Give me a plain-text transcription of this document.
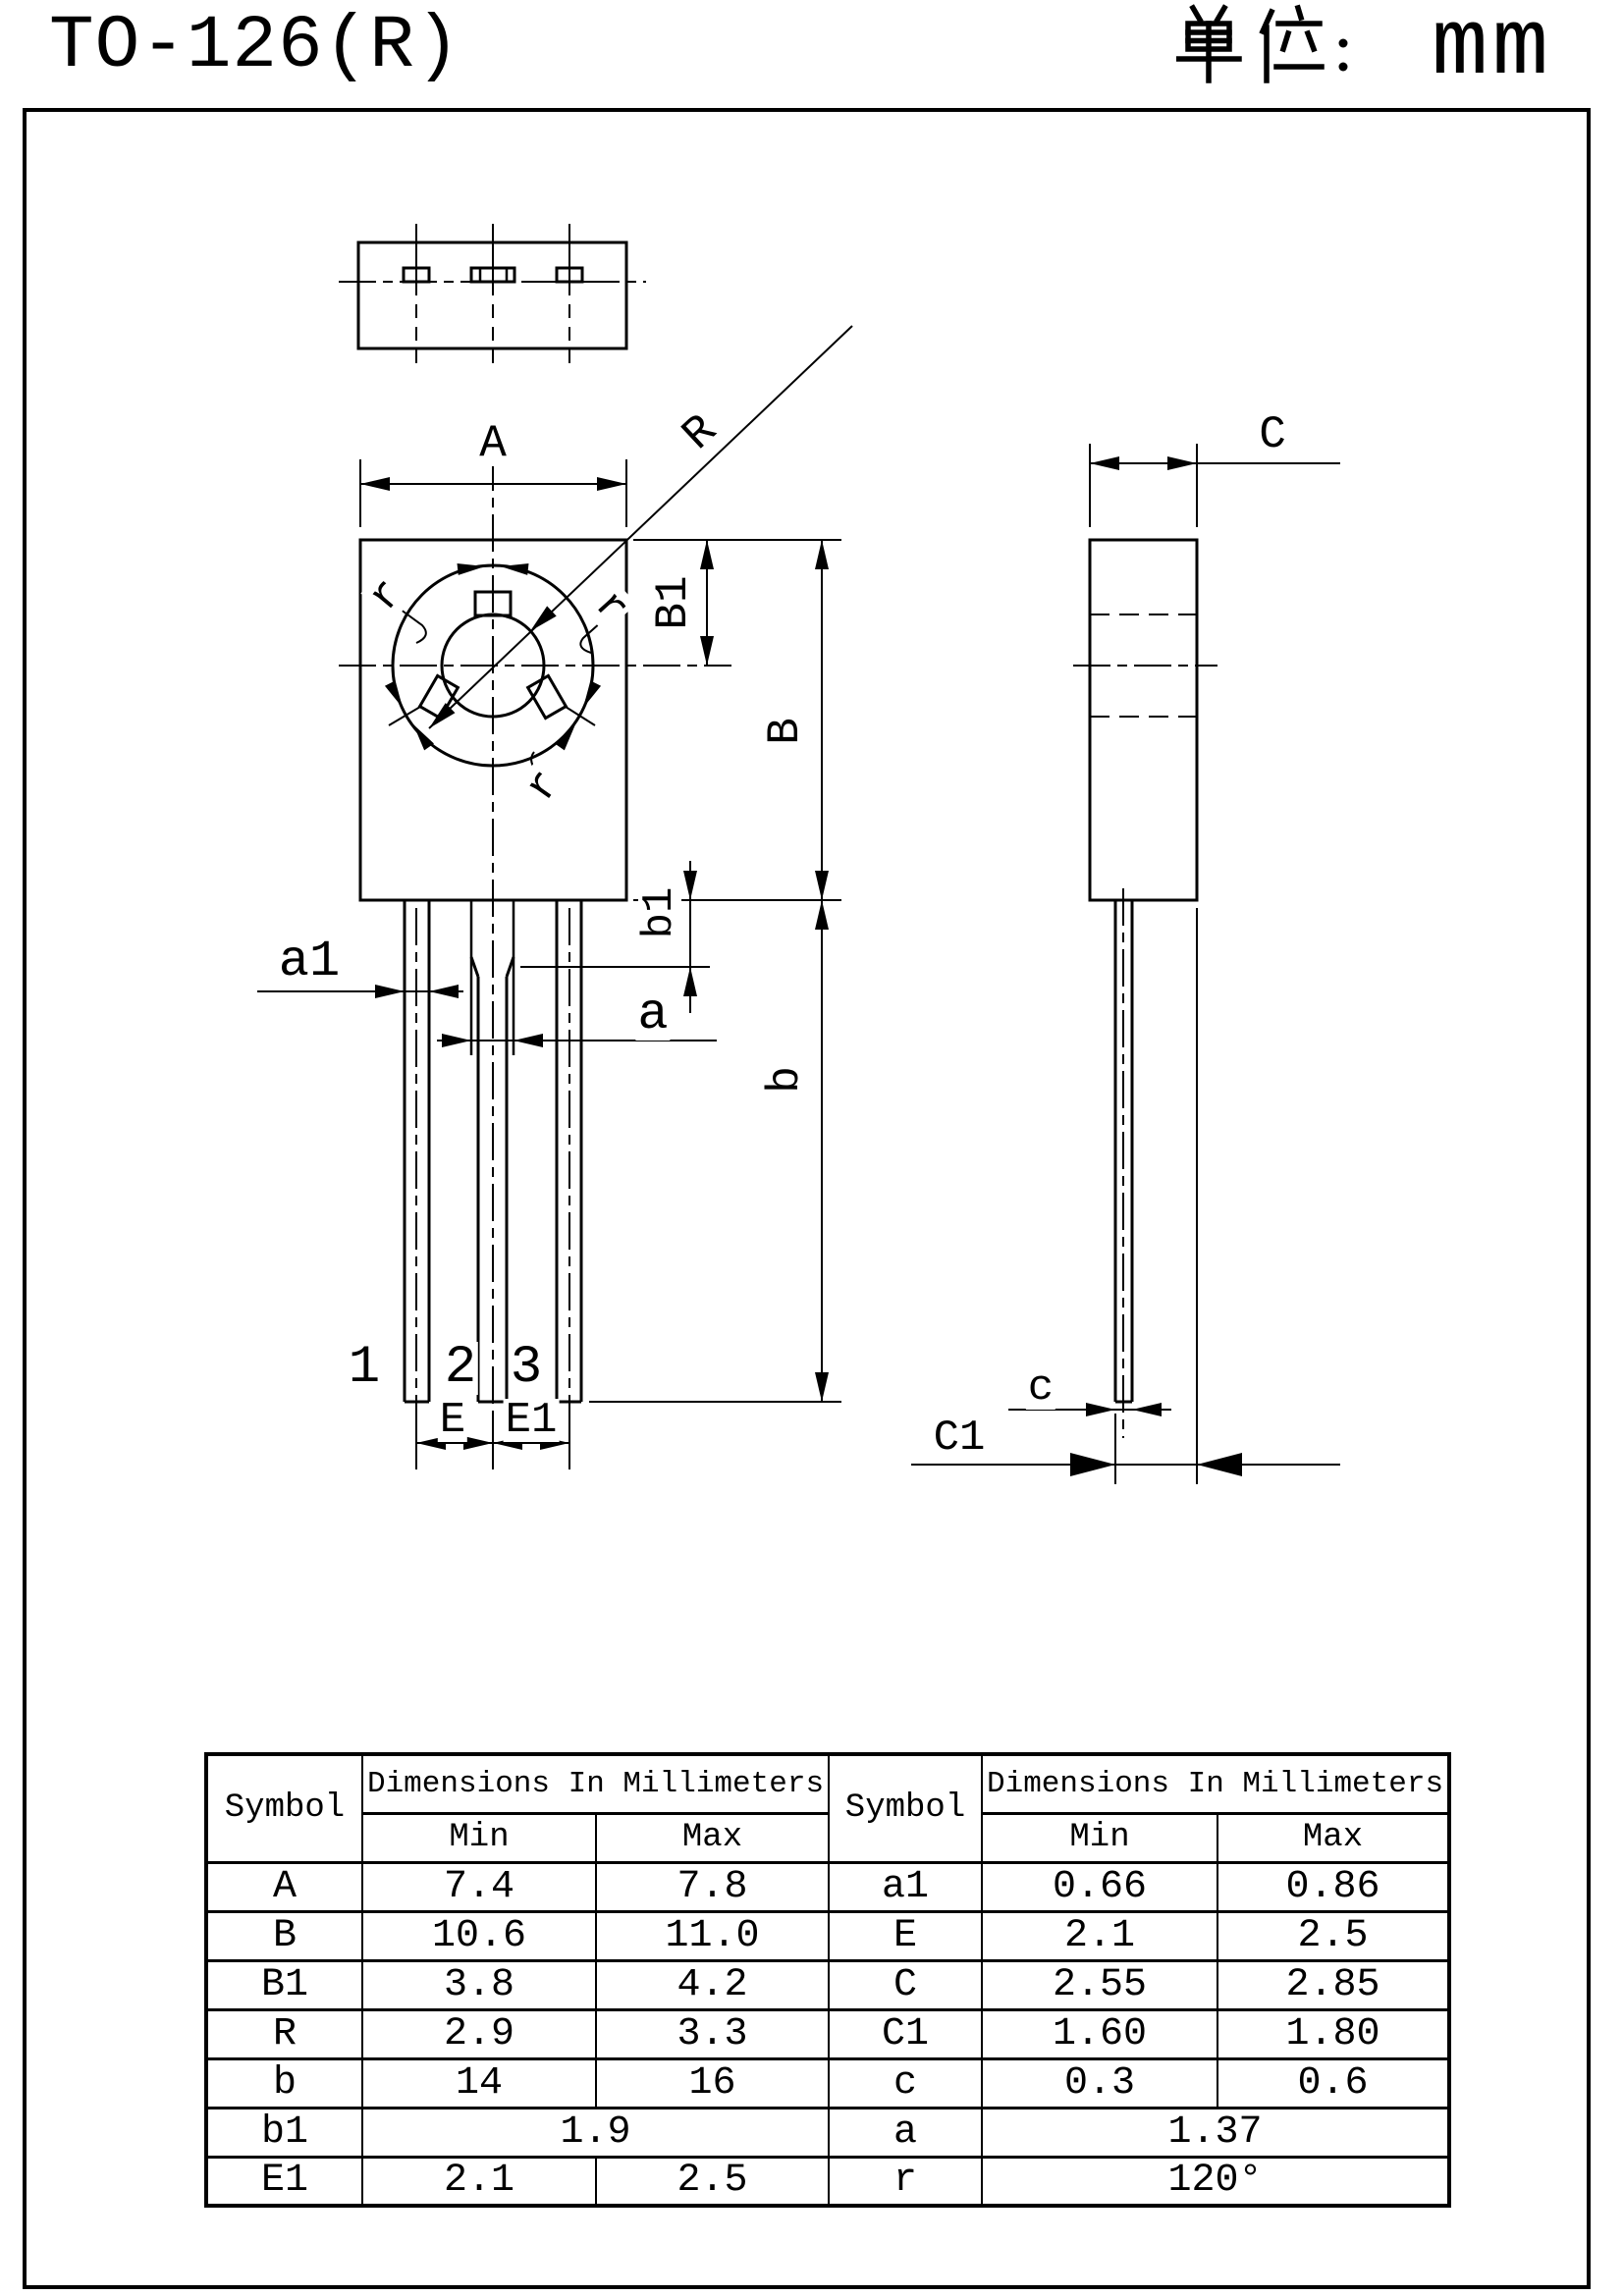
TO-126(R)	mm
A	R
B1
B
b
b1
a1
a
E E1
C
c
C1
r	r
r
1 2 3
Symbol	Dimensions In Millimeters		Symbol	Dimensions In Millimeters	
	Min	Max		Min	Max
A	7.4	7.8	a1	0.66	0.86
B	10.6	11.0	E	2.1	2.5
B1	3.8	4.2	C	2.55	2.85
R	2.9	3.3	C1	1.60	1.80
b	14	16	c	0.3	0.6
b1	1.9		a	1.37	
E1	2.1	2.5	r	120°	
